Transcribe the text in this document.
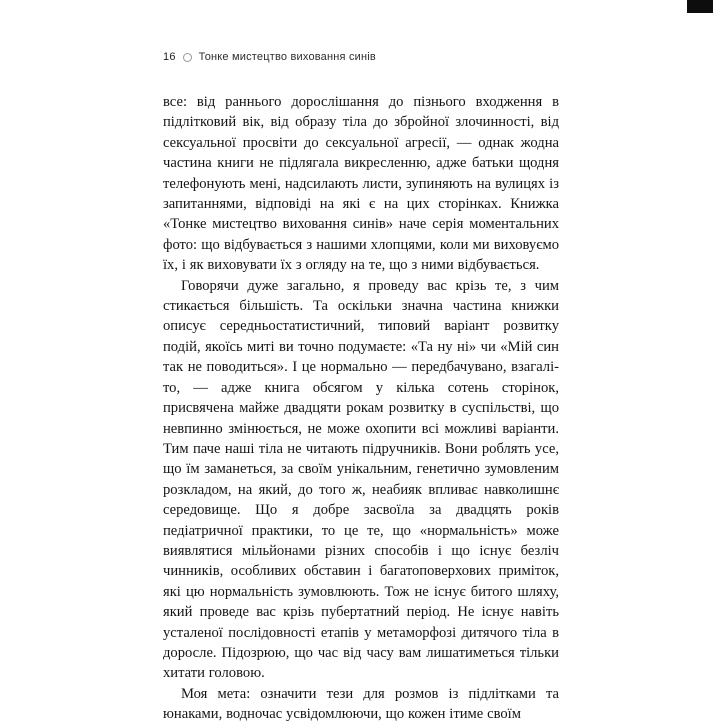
16 Тонке мистецтво виховання синів

все: від раннього дорослішання до пізнього входження в підлітковий вік, від образу тіла до збройної злочинності, від сексуальної просвіти до сексуальної агресії, — однак жодна частина книги не підлягала викресленню, адже батьки щодня телефонують мені, надсилають листи, зупиняють на вулицях із запитаннями, відповіді на які є на цих сторінках. Книжка «Тонке мистецтво виховання синів» наче серія моментальних фото: що відбувається з нашими хлопцями, коли ми виховуємо їх, і як виховувати їх з огляду на те, що з ними відбувається.

Говорячи дуже загально, я проведу вас крізь те, з чим стикається більшість. Та оскільки значна частина книжки описує середньостатистичний, типовий варіант розвитку подій, якоїсь миті ви точно подумаєте: «Та ну ні» чи «Мій син так не поводиться». І це нормально — передбачувано, взагалі-то, — адже книга обсягом у кілька сотень сторінок, присвячена майже двадцяти рокам розвитку в суспільстві, що невпинно змінюється, не може охопити всі можливі варіанти. Тим паче наші тіла не читають підручників. Вони роблять усе, що їм заманеться, за своїм унікальним, генетично зумовленим розкладом, на який, до того ж, неабияк впливає навколишнє середовище. Що я добре засвоїла за двадцять років педіатричної практики, то це те, що «нормальність» може виявлятися мільйонами різних способів і що існує безліч чинників, особливих обставин і багатоповерхових приміток, які цю нормальність зумовлюють. Тож не існує битого шляху, який проведе вас крізь пубертатний період. Не існує навіть усталеної послідовності етапів у метаморфозі дитячого тіла в доросле. Підозрюю, що час від часу вам лишатиметься тільки хитати головою.

Моя мета: означити тези для розмов із підлітками та юнаками, водночас усвідомлюючи, що кожен ітиме своїм
